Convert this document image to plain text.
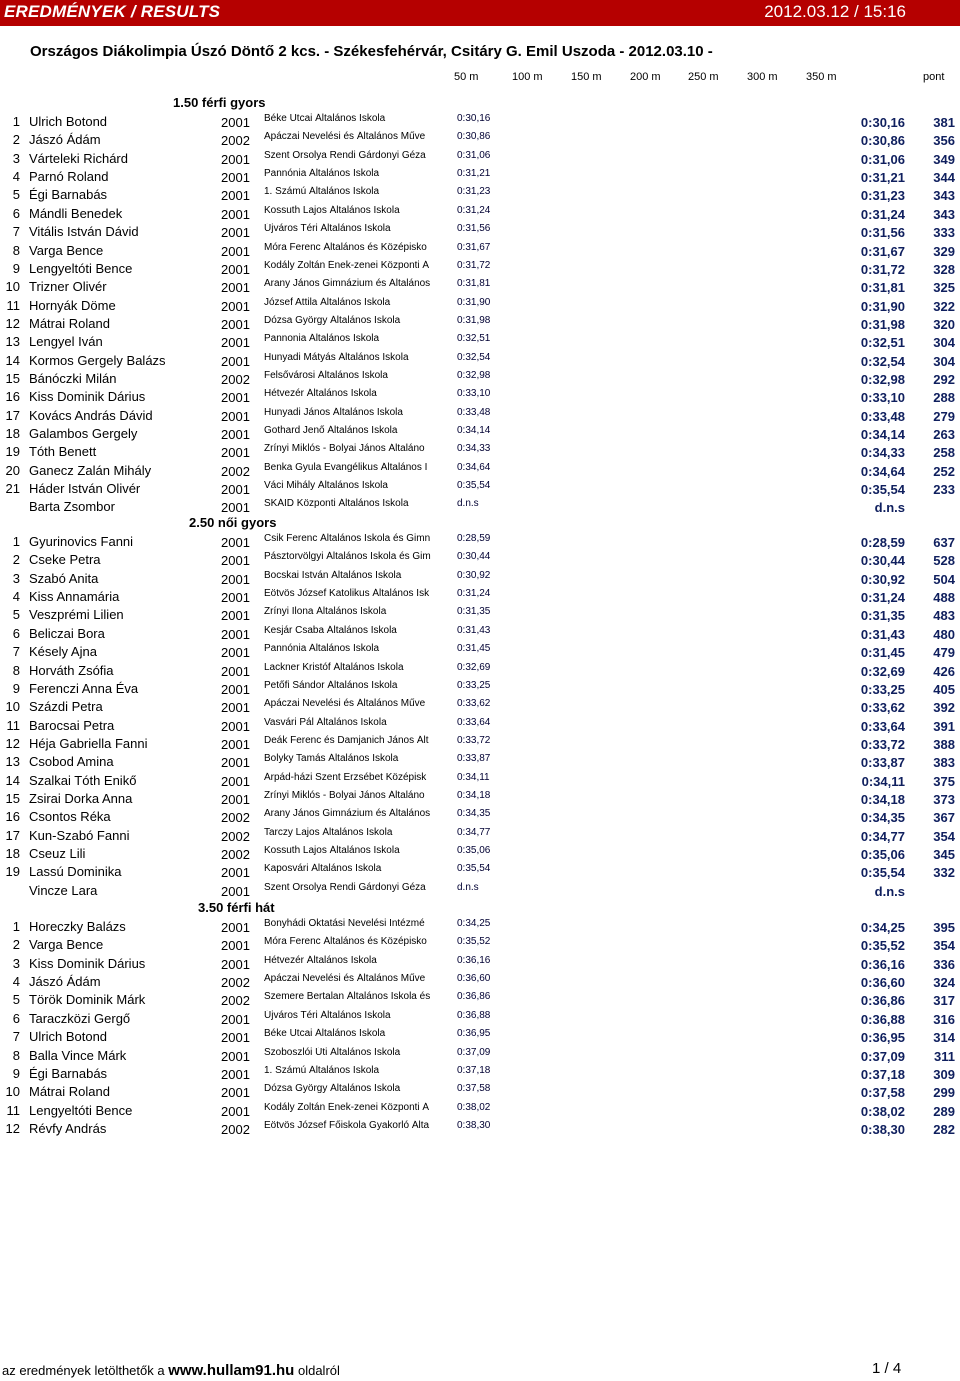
EREDMÉNYEK / RESULTS	2012.03.12 / 15:16
Országos Diákolimpia Úszó Döntő 2 kcs. - Székesfehérvár, Csitáry G. Emil Uszoda - 2012.03.10 -
50 m	100 m	150 m	200 m 250 m	300 m	350 m	pont
1.50 férfi gyors
1 Ulrich Botond	2001 Béke Utcai Általános Iskola	0:30,16	0:30,16	381
2 Jászó Ádám	2002 Apáczai Nevelési és Általános Műve	0:30,86	0:30,86	356
3 Várteleki Richárd	2001 Szent Orsolya Rendi Gárdonyi Géza	0:31,06	0:31,06	349
4 Parnó Roland	2001 Pannónia Általános Iskola	0:31,21	0:31,21	344
5 Égi Barnabás	2001 1. Számú Általános Iskola	0:31,23	0:31,23	343
6 Mándli Benedek	2001 Kossuth Lajos Általános Iskola	0:31,24	0:31,24	343
7 Vitális István Dávid	2001 Újváros Téri Általános Iskola	0:31,56	0:31,56	333
8 Varga Bence	2001 Móra Ferenc Általános és Középisko	0:31,67	0:31,67	329
9 Lengyeltóti Bence	2001 Kodály Zoltán Ének-zenei Központi Á	0:31,72	0:31,72	328
10 Trizner Olivér	2001 Arany János Gimnázium és Általános	0:31,81	0:31,81	325
11 Hornyák Döme	2001 József Attila Általános Iskola	0:31,90	0:31,90	322
12 Mátrai Roland	2001 Dózsa György Általános Iskola	0:31,98	0:31,98	320
13 Lengyel Iván	2001 Pannonia Általános Iskola	0:32,51	0:32,51	304
14 Kormos Gergely Balázs	2001 Hunyadi Mátyás Általános Iskola	0:32,54	0:32,54	304
15 Bánóczki Milán	2002 Felsővárosi Általános Iskola	0:32,98	0:32,98	292
16 Kiss Dominik Dárius	2001 Hétvezér Általános Iskola	0:33,10	0:33,10	288
17 Kovács András Dávid	2001 Hunyadi János Általános Iskola	0:33,48	0:33,48	279
18 Galambos Gergely	2001 Gothard Jenő Általános Iskola	0:34,14	0:34,14	263
19 Tóth Benett	2001 Zrínyi Miklós - Bolyai János Általáno	0:34,33	0:34,33	258
20 Ganecz Zalán Mihály	2002 Benka Gyula Evangélikus Általános I	0:34,64	0:34,64	252
21 Háder István Olivér	2001 Váci Mihály Általános Iskola	0:35,54	0:35,54	233
Barta Zsombor	2001 SKÁID Központi Általános Iskola	d.n.s	d.n.s
2.50 női gyors
1 Gyurinovics Fanni	2001 Csik Ferenc Általános Iskola és Gimn	0:28,59	0:28,59	637
2 Cseke Petra	2001 Pásztorvölgyi Általános Iskola és Gim	0:30,44	0:30,44	528
3 Szabó Anita	2001 Bocskai István Általános Iskola	0:30,92	0:30,92	504
4 Kiss Annamária	2001 Eötvös József Katolikus Általános Isk	0:31,24	0:31,24	488
5 Veszprémi Lilien	2001 Zrínyi Ilona Általános Iskola	0:31,35	0:31,35	483
6 Beliczai Bora	2001 Kesjár Csaba Általános Iskola	0:31,43	0:31,43	480
7 Késely Ajna	2001 Pannónia Általános Iskola	0:31,45	0:31,45	479
8 Horváth Zsófia	2001 Lackner Kristóf Általános Iskola	0:32,69	0:32,69	426
9 Ferenczi Anna Éva	2001 Petőfi Sándor Általános Iskola	0:33,25	0:33,25	405
10 Százdi Petra	2001 Apáczai Nevelési és Általános Műve	0:33,62	0:33,62	392
11 Barocsai Petra	2001 Vasvári Pál Általános Iskola	0:33,64	0:33,64	391
12 Héja Gabriella Fanni	2001 Deák Ferenc és Damjanich János Ált	0:33,72	0:33,72	388
13 Csobod Amina	2001 Bolyky Tamás Általános Iskola	0:33,87	0:33,87	383
14 Szalkai Tóth Enikő	2001 Árpád-házi Szent Erzsébet Középisk	0:34,11	0:34,11	375
15 Zsirai Dorka Anna	2001 Zrínyi Miklós - Bolyai János Általáno	0:34,18	0:34,18	373
16 Csontos Réka	2002 Arany János Gimnázium és Általános	0:34,35	0:34,35	367
17 Kun-Szabó Fanni	2002 Tarczy Lajos Általános Iskola	0:34,77	0:34,77	354
18 Cseuz Lili	2002 Kossuth Lajos Általános Iskola	0:35,06	0:35,06	345
19 Lassú Dominika	2001 Kaposvári Általános Iskola	0:35,54	0:35,54	332
Vincze Lara	2001 Szent Orsolya Rendi Gárdonyi Géza	d.n.s	d.n.s
3.50 férfi hát
1 Horeczky Balázs	2001 Bonyhádi Oktatási Nevelési Intézmé	0:34,25	0:34,25	395
2 Varga Bence	2001 Móra Ferenc Általános és Középisko	0:35,52	0:35,52	354
3 Kiss Dominik Dárius	2001 Hétvezér Általános Iskola	0:36,16	0:36,16	336
4 Jászó Ádám	2002 Apáczai Nevelési és Általános Műve	0:36,60	0:36,60	324
5 Török Dominik Márk	2002 Szemere Bertalan Általános Iskola és	0:36,86	0:36,86	317
6 Taraczközi Gergő	2001 Újváros Téri Általános Iskola	0:36,88	0:36,88	316
7 Ulrich Botond	2001 Béke Utcai Általános Iskola	0:36,95	0:36,95	314
8 Balla Vince Márk	2001 Szoboszlói Úti Általános Iskola	0:37,09	0:37,09	311
9 Égi Barnabás	2001 1. Számú Általános Iskola	0:37,18	0:37,18	309
10 Mátrai Roland	2001 Dózsa György Általános Iskola	0:37,58	0:37,58	299
11 Lengyeltóti Bence	2001 Kodály Zoltán Ének-zenei Központi Á	0:38,02	0:38,02	289
12 Révfy András	2002 Eötvös József Főiskola Gyakorló Álta	0:38,30	0:38,30	282
az eredmények letölthetők a www.hullam91.hu oldalról	1 / 4
